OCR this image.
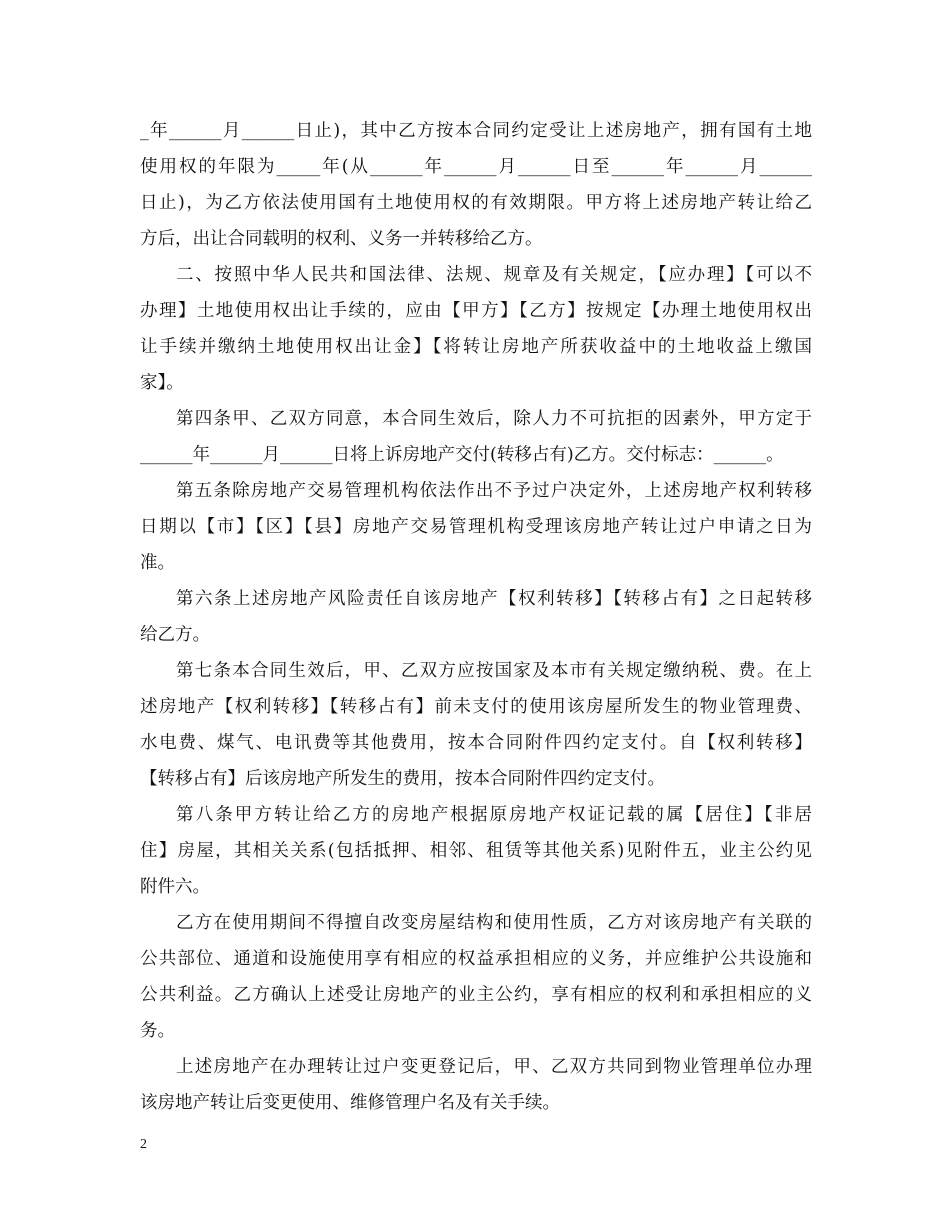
_年______月______日止)，其中乙方按本合同约定受让上述房地产，拥有国有土地
使用权的年限为_____年(从______年______月______日至______年______月______
日止)，为乙方依法使用国有土地使用权的有效期限。甲方将上述房地产转让给乙
方后，出让合同载明的权利、义务一并转移给乙方。
二、按照中华人民共和国法律、法规、规章及有关规定，【应办理】【可以不
办理】土地使用权出让手续的，应由【甲方】【乙方】按规定【办理土地使用权出
让手续并缴纳土地使用权出让金】【将转让房地产所获收益中的土地收益上缴国
家】。
第四条甲、乙双方同意，本合同生效后，除人力不可抗拒的因素外，甲方定于
______年______月______日将上诉房地产交付(转移占有)乙方。交付标志：______。
第五条除房地产交易管理机构依法作出不予过户决定外，上述房地产权利转移
日期以【市】【区】【县】房地产交易管理机构受理该房地产转让过户申请之日为
准。
第六条上述房地产风险责任自该房地产【权利转移】【转移占有】之日起转移
给乙方。
第七条本合同生效后，甲、乙双方应按国家及本市有关规定缴纳税、费。在上
述房地产【权利转移】【转移占有】前未支付的使用该房屋所发生的物业管理费、
水电费、煤气、电讯费等其他费用，按本合同附件四约定支付。自【权利转移】
【转移占有】后该房地产所发生的费用，按本合同附件四约定支付。
第八条甲方转让给乙方的房地产根据原房地产权证记载的属【居住】【非居
住】房屋，其相关关系(包括抵押、相邻、租赁等其他关系)见附件五，业主公约见
附件六。
乙方在使用期间不得擅自改变房屋结构和使用性质，乙方对该房地产有关联的
公共部位、通道和设施使用享有相应的权益承担相应的义务，并应维护公共设施和
公共利益。乙方确认上述受让房地产的业主公约，享有相应的权利和承担相应的义
务。
上述房地产在办理转让过户变更登记后，甲、乙双方共同到物业管理单位办理
该房地产转让后变更使用、维修管理户名及有关手续。
2
